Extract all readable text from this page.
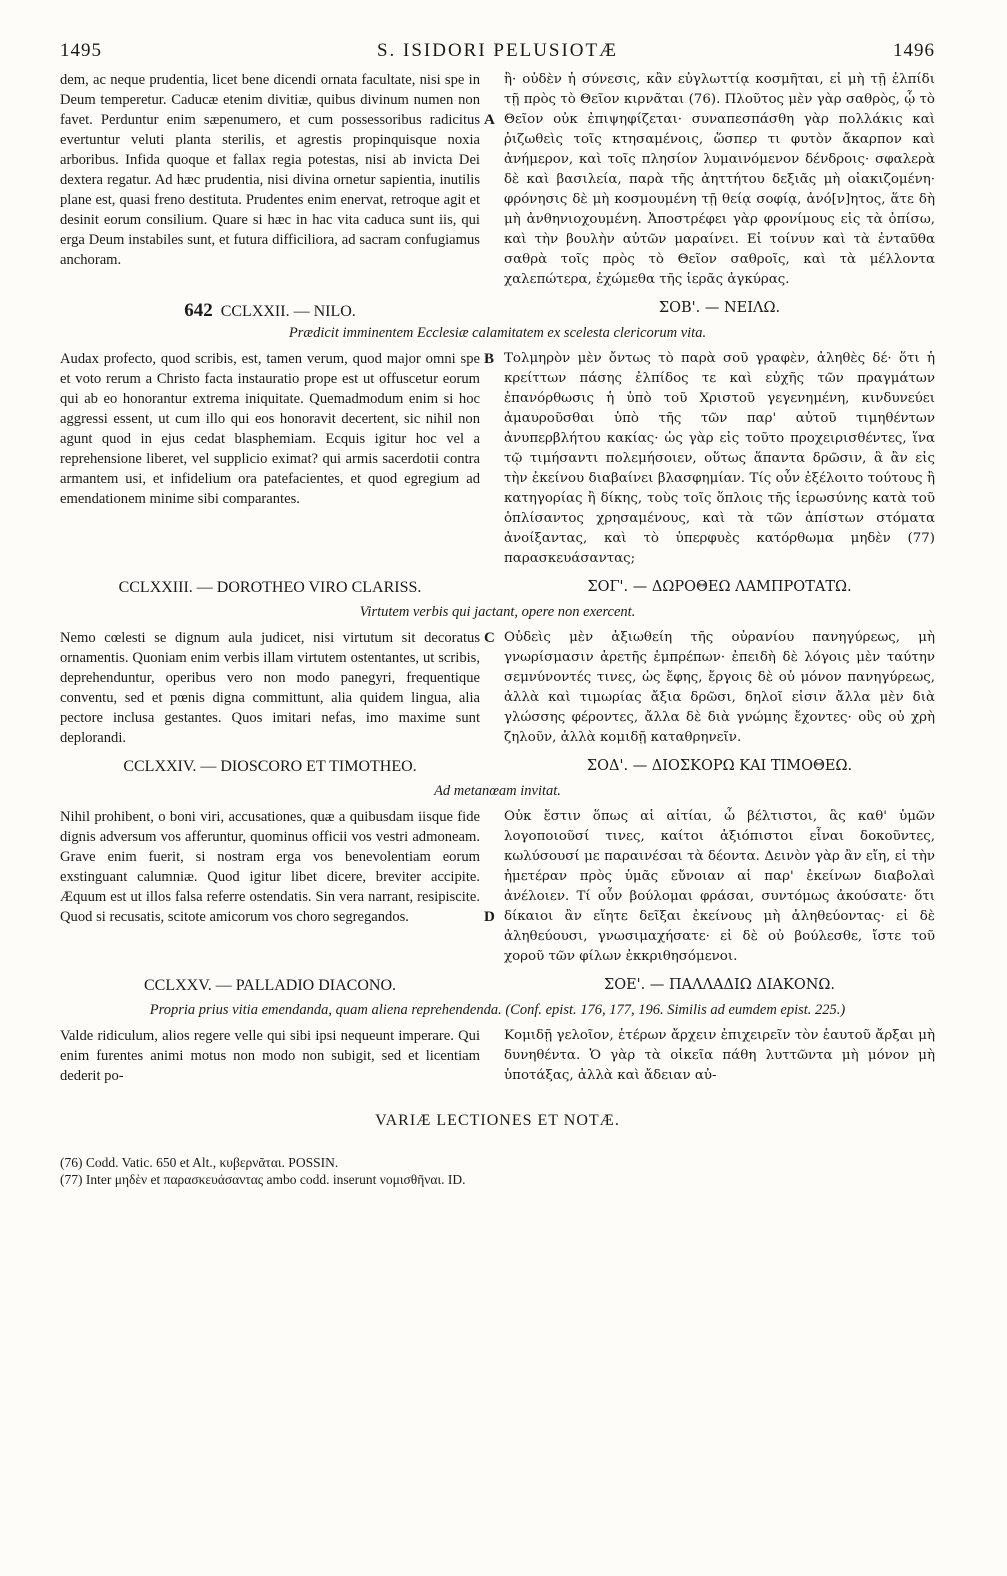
1495	S. ISIDORI PELUSIOTÆ	1496

dem, ac neque prudentia, licet bene dicendi ornata facultate, nisi spe in Deum temperetur. Caducæ etenim divitiæ, quibus divinum numen non favet. Perduntur enim sæpenumero, et cum possessoribus radicitus evertuntur veluti planta sterilis, et agrestis propinquisque noxia arboribus. Infida quoque et fallax regia potestas, nisi ab invicta Dei dextera regatur. Ad hæc prudentia, nisi divina ornetur sapientia, inutilis plane est, quasi freno destituta. Prudentes enim enervat, retroque agit et desinit eorum consilium. Quare si hæc in hac vita caduca sunt iis, qui erga Deum instabiles sunt, et futura difficiliora, ad sacram confugiamus anchoram.

A

ἢ· οὐδὲν ἡ σύνεσις, κἂν εὐγλωττίᾳ κοσμῆται, εἰ μὴ τῇ ἐλπίδι τῇ πρὸς τὸ Θεῖον κιρνᾶται (76). Πλοῦτος μὲν γὰρ σαθρὸς, ᾧ τὸ Θεῖον οὐκ ἐπιψηφίζεται· συναπεσπάσθη γὰρ πολλάκις καὶ ῥιζωθεὶς τοῖς κτησαμένοις, ὥσπερ τι φυτὸν ἄκαρπον καὶ ἀνήμερον, καὶ τοῖς πλησίον λυμαινόμενον δένδροις· σφαλερὰ δὲ καὶ βασιλεία, παρὰ τῆς ἀηττήτου δεξιᾶς μὴ οἰακιζομένη· φρόνησις δὲ μὴ κοσμουμένη τῇ θείᾳ σοφίᾳ, ἀνό[ν]ητος, ἅτε δὴ μὴ ἀνθηνιοχουμένη. Ἀποστρέφει γὰρ φρονίμους εἰς τὰ ὀπίσω, καὶ τὴν βουλὴν αὐτῶν μαραίνει. Εἰ τοίνυν καὶ τὰ ἐνταῦθα σαθρὰ τοῖς πρὸς τὸ Θεῖον σαθροῖς, καὶ τὰ μέλλοντα χαλεπώτερα, ἐχώμεθα τῆς ἱερᾶς ἀγκύρας.

642 CCLXXII. — NILO.	ΣΟΒ'. — ΝΕΙΛΩ.
Prædicit imminentem Ecclesiæ calamitatem ex scelesta clericorum vita.

Audax profecto, quod scribis, est, tamen verum, quod major omni spe et voto rerum a Christo facta instauratio prope est ut offuscetur eorum qui ab eo honorantur extrema iniquitate. Quemadmodum enim si hoc aggressi essent, ut cum illo qui eos honoravit decertent, sic nihil non agunt quod in ejus cedat blasphemiam. Ecquis igitur hoc vel a reprehensione liberet, vel supplicio eximat? qui armis sacerdotii contra armantem usi, et infidelium ora patefacientes, et quod egregium ad emendationem minime sibi comparantes.

B Τολμηρὸν μὲν ὄντως τὸ παρὰ σοῦ γραφὲν, ἀληθὲς δέ· ὅτι ἡ κρείττων πάσης ἐλπίδος τε καὶ εὐχῆς τῶν πραγμάτων ἐπανόρθωσις ἡ ὑπὸ τοῦ Χριστοῦ γεγενημένη, κινδυνεύει ἀμαυροῦσθαι ὑπὸ τῆς τῶν παρ' αὐτοῦ τιμηθέντων ἀνυπερβλήτου κακίας· ὡς γὰρ εἰς τοῦτο προχειρισθέντες, ἵνα τῷ τιμήσαντι πολεμήσοιεν, οὕτως ἅπαντα δρῶσιν, ἃ ἂν εἰς τὴν ἐκείνου διαβαίνει βλασφημίαν. Τίς οὖν ἐξέλοιτο τούτους ἢ κατηγορίας ἢ δίκης, τοὺς τοῖς ὅπλοις τῆς ἱερωσύνης κατὰ τοῦ ὁπλίσαντος χρησαμένους, καὶ τὰ τῶν ἀπίστων στόματα ἀνοίξαντας, καὶ τὸ ὑπερφυὲς κατόρθωμα μηδὲν (77) παρασκευάσαντας;

CCLXXIII. — DOROTHEO VIRO CLARISS.	ΣΟΓ'. — ΔΩΡΟΘΕΩ ΛΑΜΠΡΟΤΑΤΩ.
Virtutem verbis qui jactant, opere non exercent.

Nemo cœlesti se dignum aula judicet, nisi virtutum sit decoratus ornamentis. Quoniam enim verbis illam virtutem ostentantes, ut scribis, deprehenduntur, operibus vero non modo panegyri, frequentique conventu, sed et pœnis digna committunt, alia quidem lingua, alia pectore inclusa gestantes. Quos imitari nefas, imo maxime sunt deplorandi.

C Οὐδεὶς μὲν ἀξιωθείη τῆς οὐρανίου πανηγύρεως, μὴ γνωρίσμασιν ἀρετῆς ἐμπρέπων· ἐπειδὴ δὲ λόγοις μὲν ταύτην σεμνύνοντές τινες, ὡς ἔφης, ἔργοις δὲ οὐ μόνον πανηγύρεως, ἀλλὰ καὶ τιμωρίας ἄξια δρῶσι, δηλοῖ εἰσιν ἄλλα μὲν διὰ γλώσσης φέροντες, ἄλλα δὲ διὰ γνώμης ἔχοντες· οὓς οὐ χρὴ ζηλοῦν, ἀλλὰ κομιδῇ καταθρηνεῖν.

CCLXXIV. — DIOSCORO ET TIMOTHEO.	ΣΟΔ'. — ΔΙΟΣΚΟΡΩ ΚΑΙ ΤΙΜΟΘΕΩ.
Ad metanœam invitat.

Nihil prohibent, o boni viri, accusationes, quæ a quibusdam iisque fide dignis adversum vos afferuntur, quominus officii vos vestri admoneam. Grave enim fuerit, si nostram erga vos benevolentiam eorum exstinguant calumniæ. Quod igitur libet dicere, breviter accipite. Æquum est ut illos falsa referre ostendatis. Sin vera narrant, resipiscite. Quod si recusatis, scitote amicorum vos choro segregandos.	D

Οὐκ ἔστιν ὅπως αἱ αἰτίαι, ὦ βέλτιστοι, ἃς καθ' ὑμῶν λογοποιοῦσί τινες, καίτοι ἀξιόπιστοι εἶναι δοκοῦντες, κωλύσουσί με παραινέσαι τὰ δέοντα. Δεινὸν γὰρ ἂν εἴη, εἰ τὴν ἡμετέραν πρὸς ὑμᾶς εὔνοιαν αἱ παρ' ἐκείνων διαβολαὶ ἀνέλοιεν. Τί οὖν βούλομαι φράσαι, συντόμως ἀκούσατε· ὅτι δίκαιοι ἂν εἴητε δεῖξαι ἐκείνους μὴ ἀληθεύοντας· εἰ δὲ ἀληθεύουσι, γνωσιμαχήσατε· εἰ δὲ οὐ βούλεσθε, ἴστε τοῦ χοροῦ τῶν φίλων ἐκκριθησόμενοι.

CCLXXV. — PALLADIO DIACONO.	ΣΟΕ'. — ΠΑΛΛΑΔΙΩ ΔΙΑΚΟΝΩ.
Propria prius vitia emendanda, quam aliena reprehendenda. (Conf. epist. 176, 177, 196. Similis ad eumdem epist. 225.)

Valde ridiculum, alios regere velle qui sibi ipsi nequeunt imperare. Qui enim furentes animi motus non modo non subigit, sed et licentiam dederit po-

Κομιδῇ γελοῖον, ἑτέρων ἄρχειν ἐπιχειρεῖν τὸν ἑαυτοῦ ἄρξαι μὴ δυνηθέντα. Ὁ γὰρ τὰ οἰκεῖα πάθη λυττῶντα μὴ μόνον μὴ ὑποτάξας, ἀλλὰ καὶ ἄδειαν αὐ-

VARIÆ LECTIONES ET NOTÆ.
(76) Codd. Vatic. 650 et Alt., κυβερνᾶται. POSSIN.
(77) Inter μηδὲν et παρασκευάσαντας ambo codd. inserunt νομισθῆναι. ID.
